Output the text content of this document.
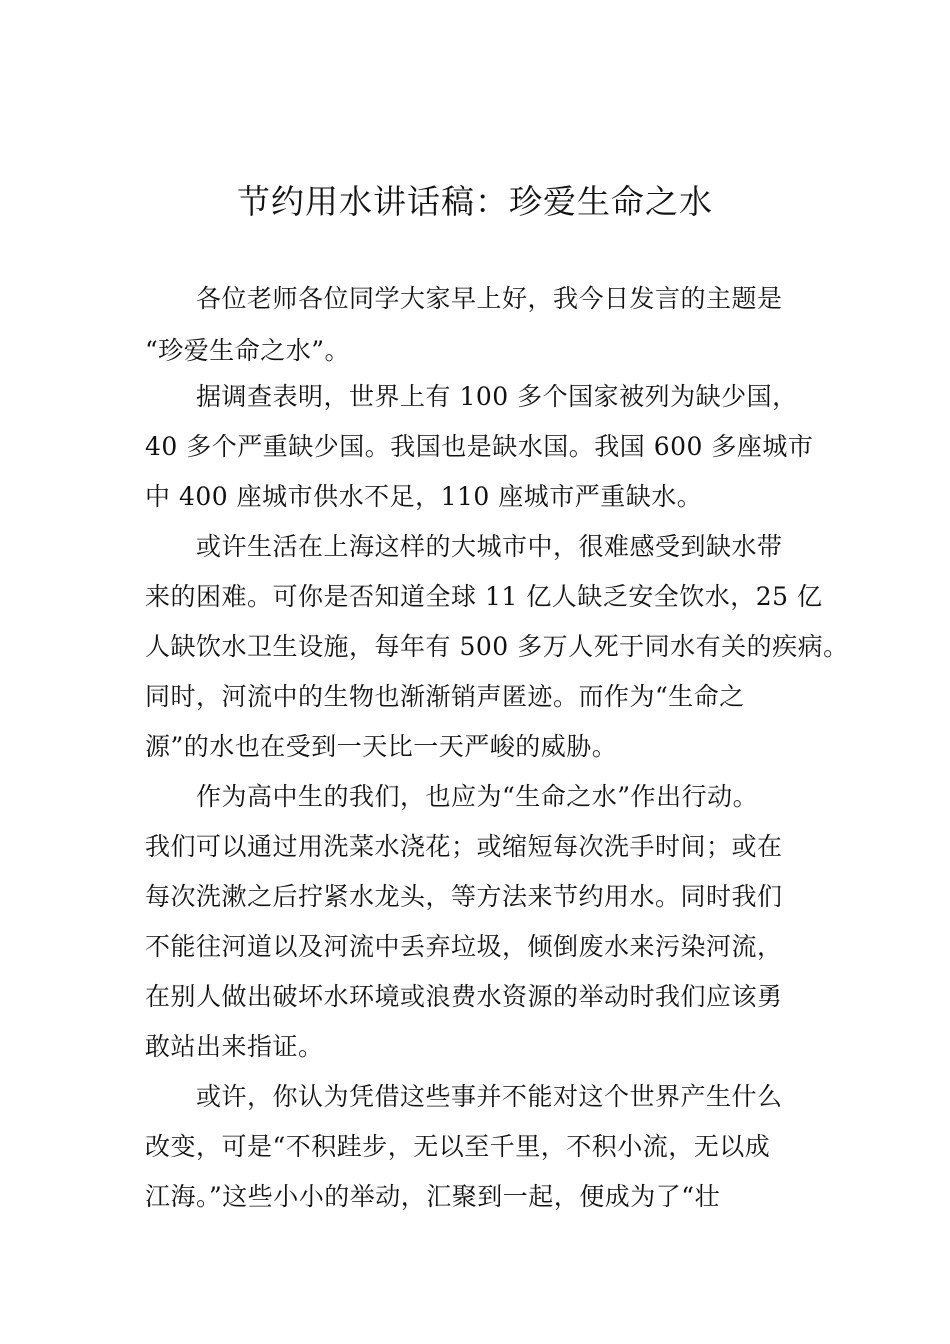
节约用水讲话稿：珍爱生命之水
各位老师各位同学大家早上好，我今日发言的主题是
“珍爱生命之水”。
据调查表明，世界上有 100 多个国家被列为缺少国，
40 多个严重缺少国。我国也是缺水国。我国 600 多座城市
中 400 座城市供水不足，110 座城市严重缺水。
或许生活在上海这样的大城市中，很难感受到缺水带
来的困难。可你是否知道全球 11 亿人缺乏安全饮水，25 亿
人缺饮水卫生设施，每年有 500 多万人死于同水有关的疾病。
同时，河流中的生物也渐渐销声匿迹。而作为“生命之
源”的水也在受到一天比一天严峻的威胁。
作为高中生的我们，也应为“生命之水”作出行动。
我们可以通过用洗菜水浇花；或缩短每次洗手时间；或在
每次洗漱之后拧紧水龙头，等方法来节约用水。同时我们
不能往河道以及河流中丢弃垃圾，倾倒废水来污染河流，
在别人做出破坏水环境或浪费水资源的举动时我们应该勇
敢站出来指证。
或许，你认为凭借这些事并不能对这个世界产生什么
改变，可是“不积跬步，无以至千里，不积小流，无以成
江海。”这些小小的举动，汇聚到一起，便成为了“壮
